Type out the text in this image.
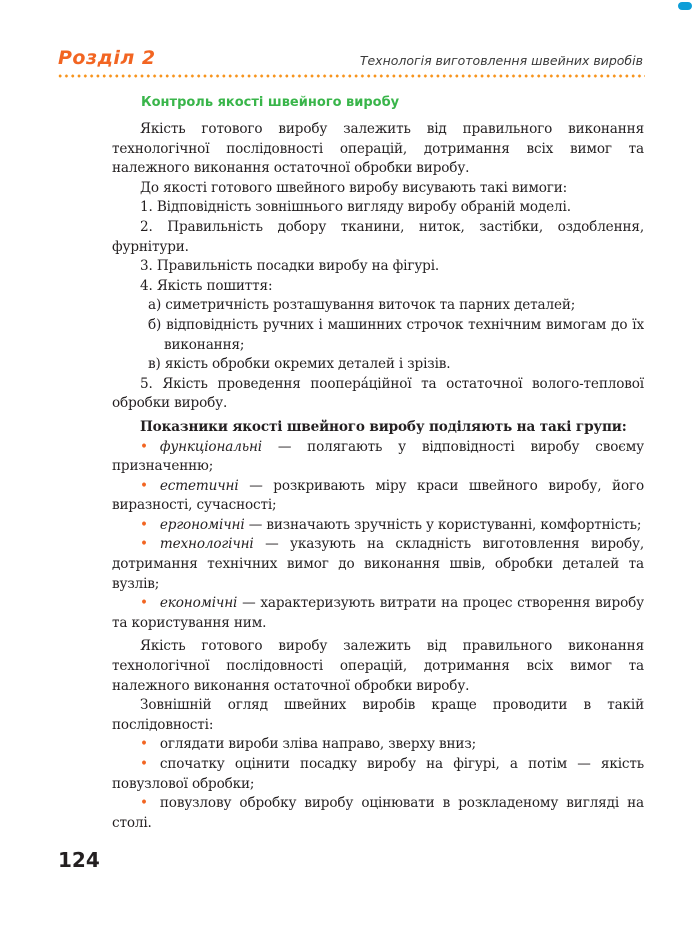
Розділ 2	Технологія виготовлення швейних виробів
Контроль якості швейного виробу

Якість готового виробу залежить від правильного виконання технологічної послідовності операцій, дотримання всіх вимог та належного виконання остаточної обробки виробу.

До якості готового швейного виробу висувають такі вимоги:

1. Відповідність зовнішнього вигляду виробу обраній моделі.

2. Правильність добору тканини, ниток, застібки, оздоблення, фурнітури.

3. Правильність посадки виробу на фігурі.

4. Якість пошиття:

а) симетричність розташування виточок та парних деталей;

б) відповідність ручних і машинних строчок технічним вимогам до їх виконання;

в) якість обробки окремих деталей і зрізів.

5. Якість проведення пооперáційної та остаточної волого-теплової обробки виробу.

Показники якості швейного виробу поділяють на такі групи:

• функціональні — полягають у відповідності виробу своєму призначенню;

• естетичні — розкривають міру краси швейного виробу, його виразності, сучасності;

• ергономічні — визначають зручність у користуванні, комфортність;

• технологічні — указують на складність виготовлення виробу, дотримання технічних вимог до виконання швів, обробки деталей та вузлів;

• економічні — характеризують витрати на процес створення виробу та користування ним.

Якість готового виробу залежить від правильного виконання технологічної послідовності операцій, дотримання всіх вимог та належного виконання остаточної обробки виробу.

Зовнішній огляд швейних виробів краще проводити в такій послідовності:

• оглядати вироби зліва направо, зверху вниз;

• спочатку оцінити посадку виробу на фігурі, а потім — якість повузлової обробки;

• повузлову обробку виробу оцінювати в розкладеному вигляді на столі.

124
